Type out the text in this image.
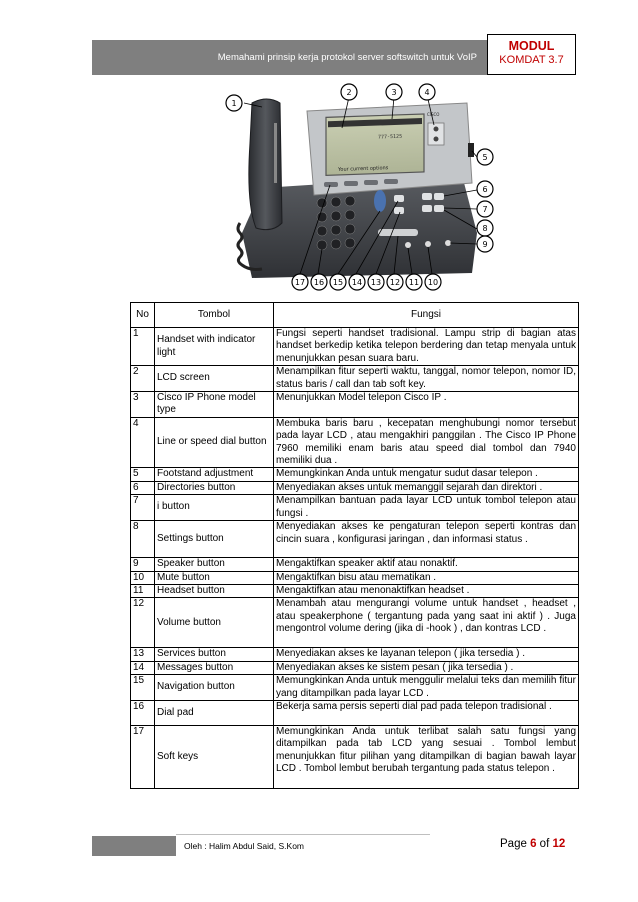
Memahami prinsip kerja protokol server softswitch untuk VoIP
MODUL
KOMDAT 3.7
777-5125
Your current options
CISCO
1
2	3	4
5
6
7
8
9
10
11
12
13
14
15
16
17
No	Tombol	Fungsi
1	Handset with indicator light	Fungsi seperti handset tradisional. Lampu strip di bagian atas handset berkedip ketika telepon berdering dan tetap menyala untuk menunjukkan pesan suara baru.
2	LCD screen	Menampilkan fitur seperti waktu, tanggal, nomor telepon, nomor ID, status baris / call dan tab soft key.
3	Cisco IP Phone model type	Menunjukkan Model telepon Cisco IP .
4	Line or speed dial button	Membuka baris baru , kecepatan menghubungi nomor tersebut pada layar LCD , atau mengakhiri panggilan . The Cisco IP Phone 7960 memiliki enam baris atau speed dial tombol dan 7940 memiliki dua .
5	Footstand adjustment	Memungkinkan Anda untuk mengatur sudut dasar telepon .
6	Directories button	Menyediakan akses untuk memanggil sejarah dan direktori .
7	i button	Menampilkan bantuan pada layar LCD untuk tombol telepon atau fungsi .
8	Settings button	Menyediakan akses ke pengaturan telepon seperti kontras dan cincin suara , konfigurasi jaringan , dan informasi status .
9	Speaker button	Mengaktifkan speaker aktif atau nonaktif.
10	Mute button	Mengaktifkan bisu atau mematikan .
11	Headset button	Mengaktifkan atau menonaktifkan headset .
12	Volume button	Menambah atau mengurangi volume untuk handset , headset , atau speakerphone ( tergantung pada yang saat ini aktif ) . Juga mengontrol volume dering (jika di -hook ) , dan kontras LCD .
13	Services button	Menyediakan akses ke layanan telepon ( jika tersedia ) .
14	Messages button	Menyediakan akses ke sistem pesan ( jika tersedia ) .
15	Navigation button	Memungkinkan Anda untuk menggulir melalui teks dan memilih fitur yang ditampilkan pada layar LCD .
16	Dial pad	Bekerja sama persis seperti dial pad pada telepon tradisional .
17	Soft keys	Memungkinkan Anda untuk terlibat salah satu fungsi yang ditampilkan pada tab LCD yang sesuai . Tombol lembut menunjukkan fitur pilihan yang ditampilkan di bagian bawah layar LCD . Tombol lembut berubah tergantung pada status telepon .
Oleh : Halim Abdul Said, S.Kom	Page 6 of 12
